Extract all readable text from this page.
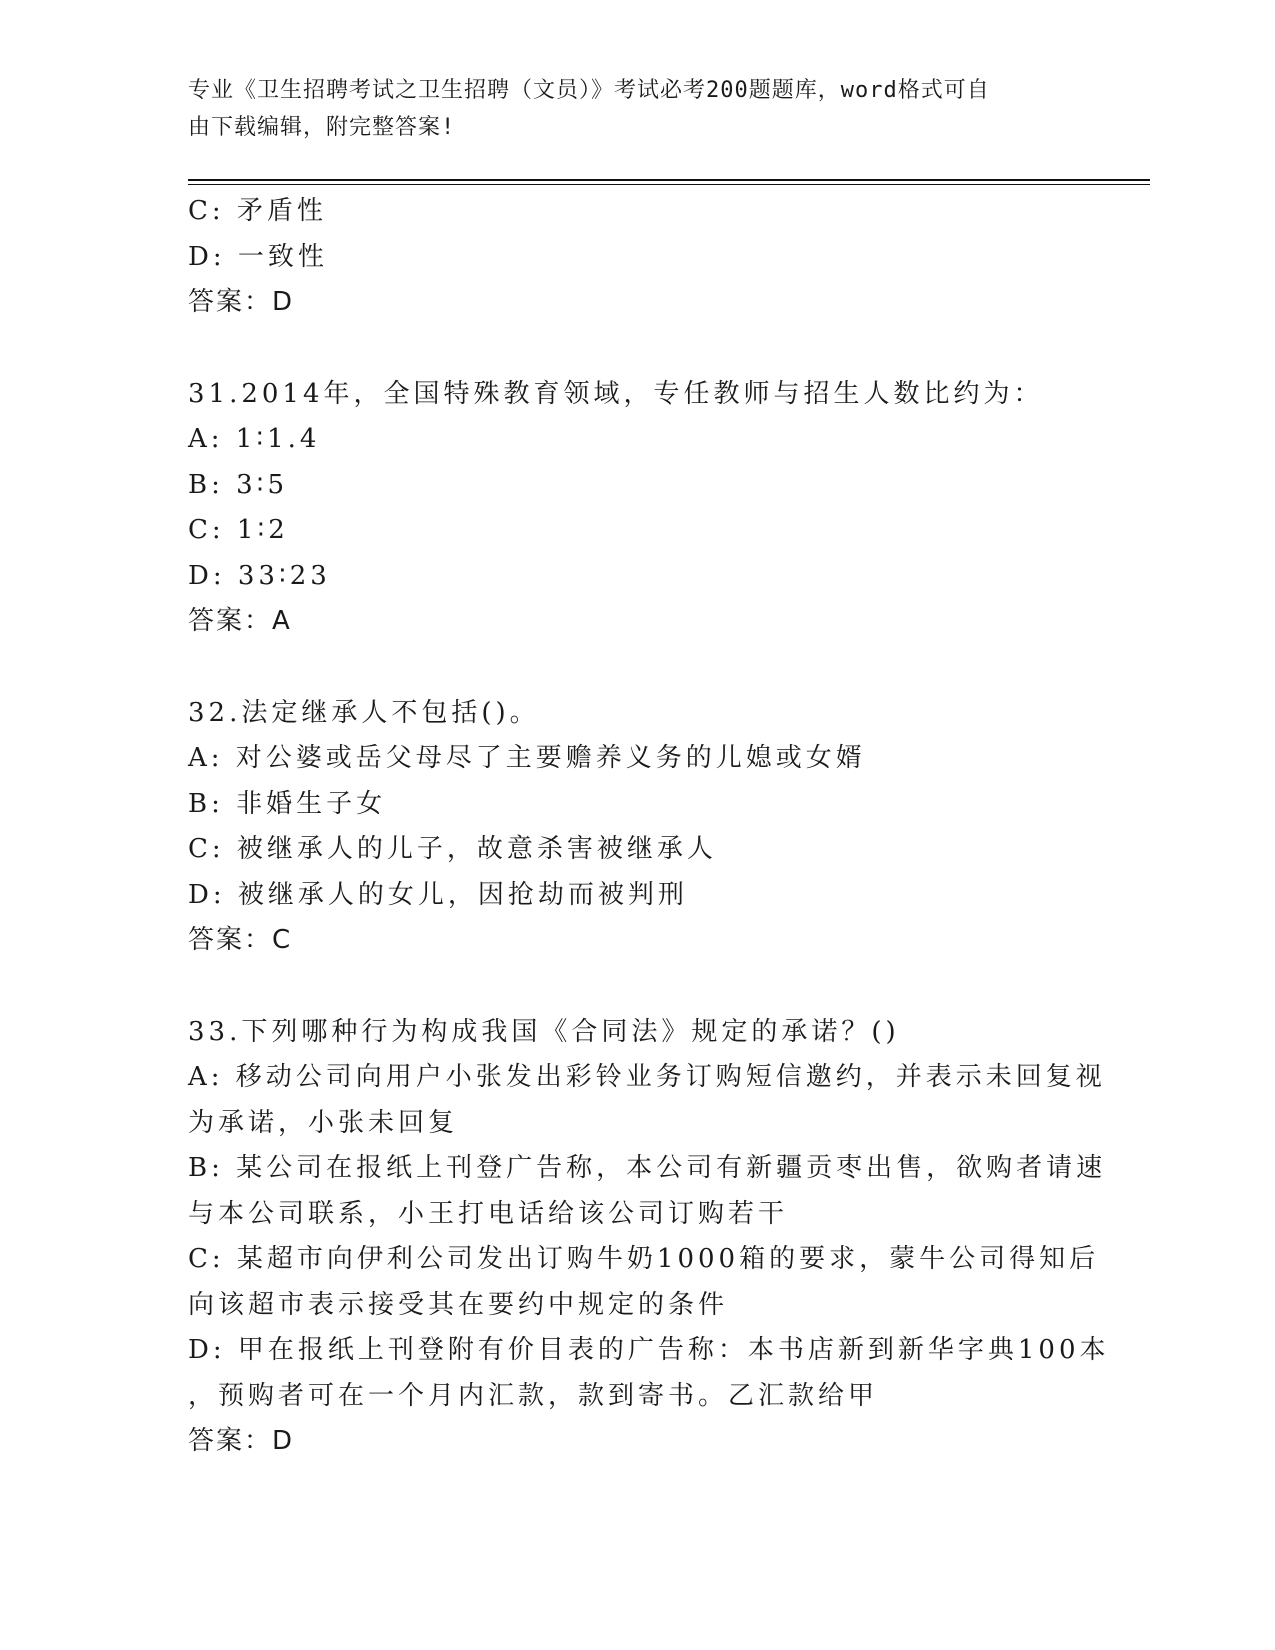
专业《卫生招聘考试之卫生招聘（文员）》考试必考200题题库，word格式可自
由下载编辑，附完整答案!
C: 矛盾性
D: 一致性
答案：D
31.2014年，全国特殊教育领域，专任教师与招生人数比约为：
A: 1∶1.4
B: 3∶5
C: 1∶2
D: 33∶23
答案：A
32.法定继承人不包括()。
A: 对公婆或岳父母尽了主要赡养义务的儿媳或女婿
B: 非婚生子女
C: 被继承人的儿子，故意杀害被继承人
D: 被继承人的女儿，因抢劫而被判刑
答案：C
33.下列哪种行为构成我国《合同法》规定的承诺？()
A: 移动公司向用户小张发出彩铃业务订购短信邀约，并表示未回复视
为承诺，小张未回复
B: 某公司在报纸上刊登广告称，本公司有新疆贡枣出售，欲购者请速
与本公司联系，小王打电话给该公司订购若干
C: 某超市向伊利公司发出订购牛奶1000箱的要求，蒙牛公司得知后
向该超市表示接受其在要约中规定的条件
D: 甲在报纸上刊登附有价目表的广告称：本书店新到新华字典100本
，预购者可在一个月内汇款，款到寄书。乙汇款给甲
答案：D
